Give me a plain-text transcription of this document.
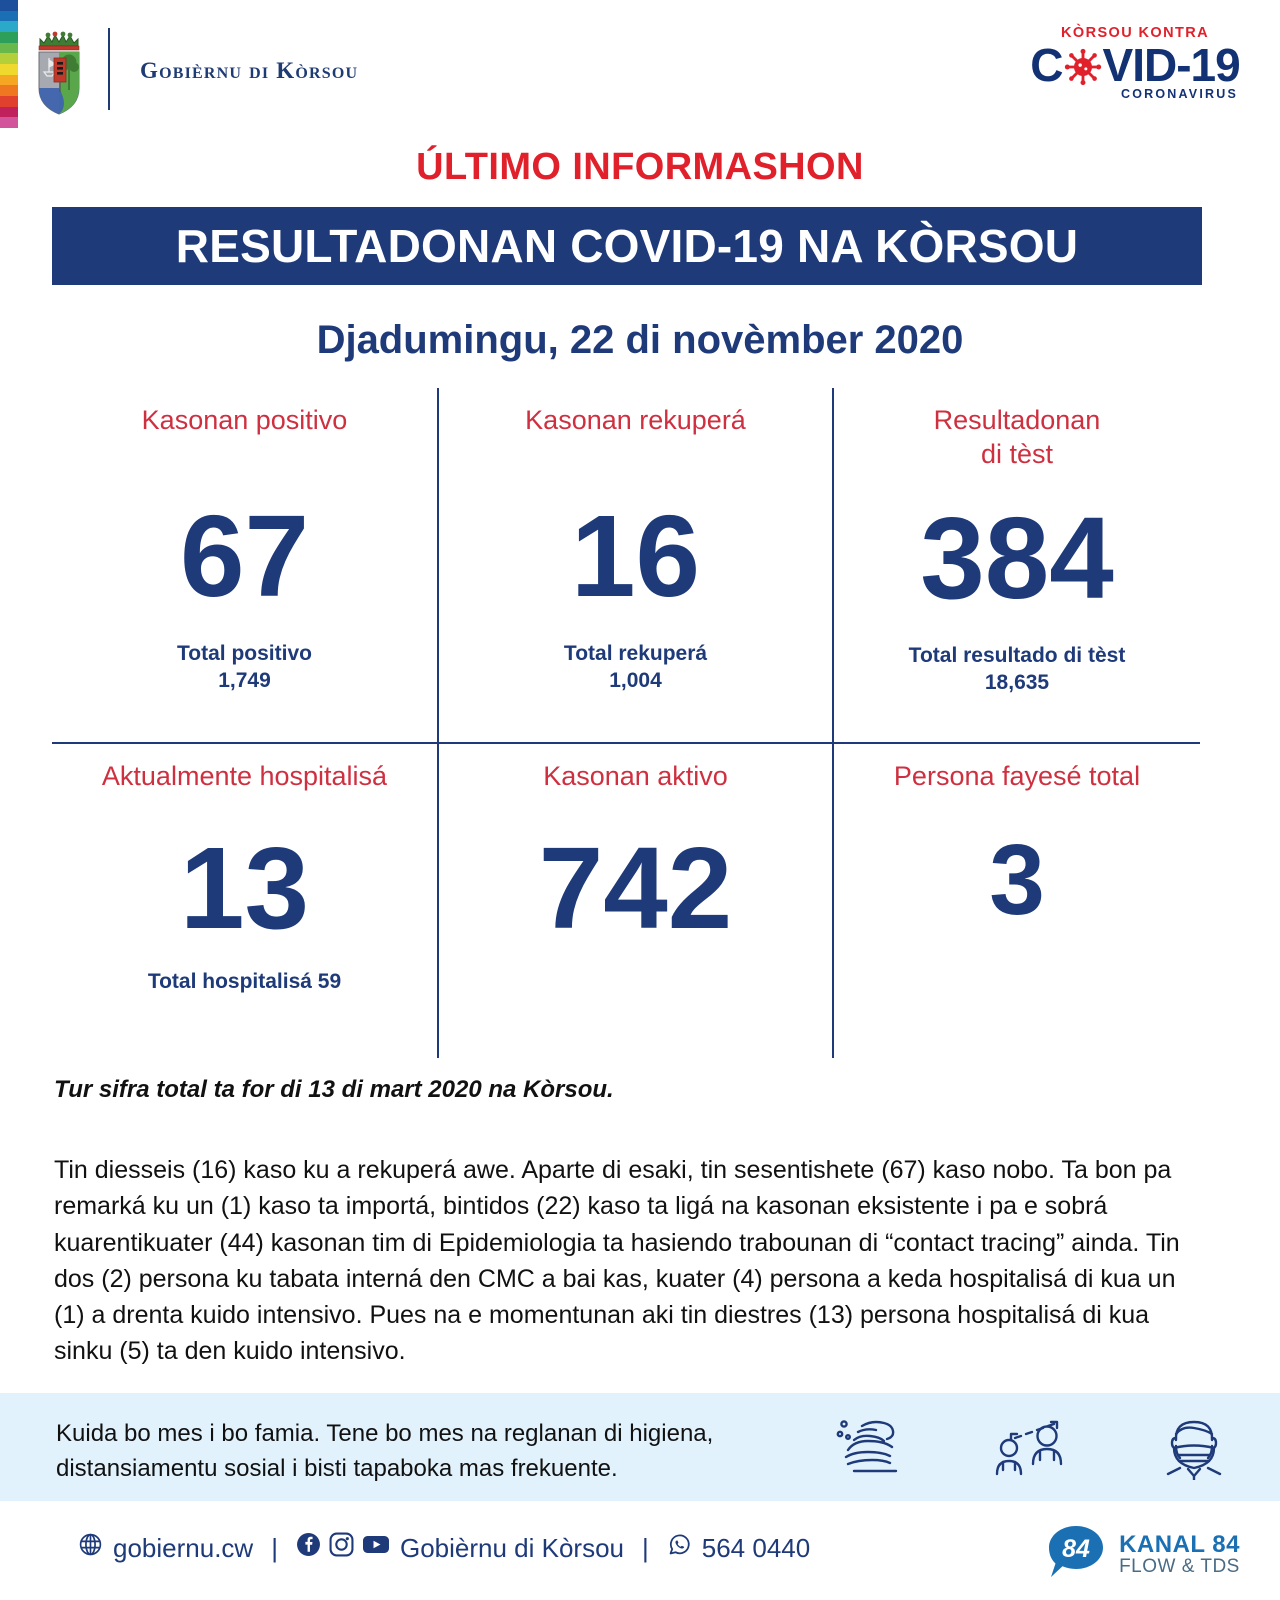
Gobièrnu di Kòrsou
KÒRSOU KONTRA
C VID-19
CORONAVIRUS
ÚLTIMO INFORMASHON
RESULTADONAN COVID-19 NA KÒRSOU
Djadumingu, 22 di novèmber 2020
Kasonan positivo
67
Total positivo
1,749
Kasonan rekuperá
16
Total rekuperá
1,004
Resultadonan
di tèst
384
Total resultado di tèst
18,635
Aktualmente hospitalisá
13
Total hospitalisá 59
Kasonan aktivo
742
Persona fayesé total
3
Tur sifra total ta for di 13 di mart 2020 na Kòrsou.
Tin diesseis (16) kaso ku a rekuperá awe. Aparte di esaki, tin sesentishete (67) kaso nobo. Ta bon pa remarká ku un (1) kaso ta importá, bintidos (22) kaso ta ligá na kasonan eksistente i pa e sobrá kuarentikuater (44) kasonan tim di Epidemiologia ta hasiendo trabounan di “contact tracing” ainda. Tin dos (2) persona ku tabata interná den CMC a bai kas, kuater (4) persona a keda hospitalisá di kua un (1) a drenta kuido intensivo. Pues na e momentunan aki tin diestres (13) persona hospitalisá di kua sinku (5) ta den kuido intensivo.
Kuida bo mes i bo famia. Tene bo mes na reglanan di higiena,
distansiamentu sosial i bisti tapaboka mas frekuente.
gobiernu.cw |	Gobièrnu di Kòrsou | 564 0440	84 KANAL 84
FLOW & TDS
